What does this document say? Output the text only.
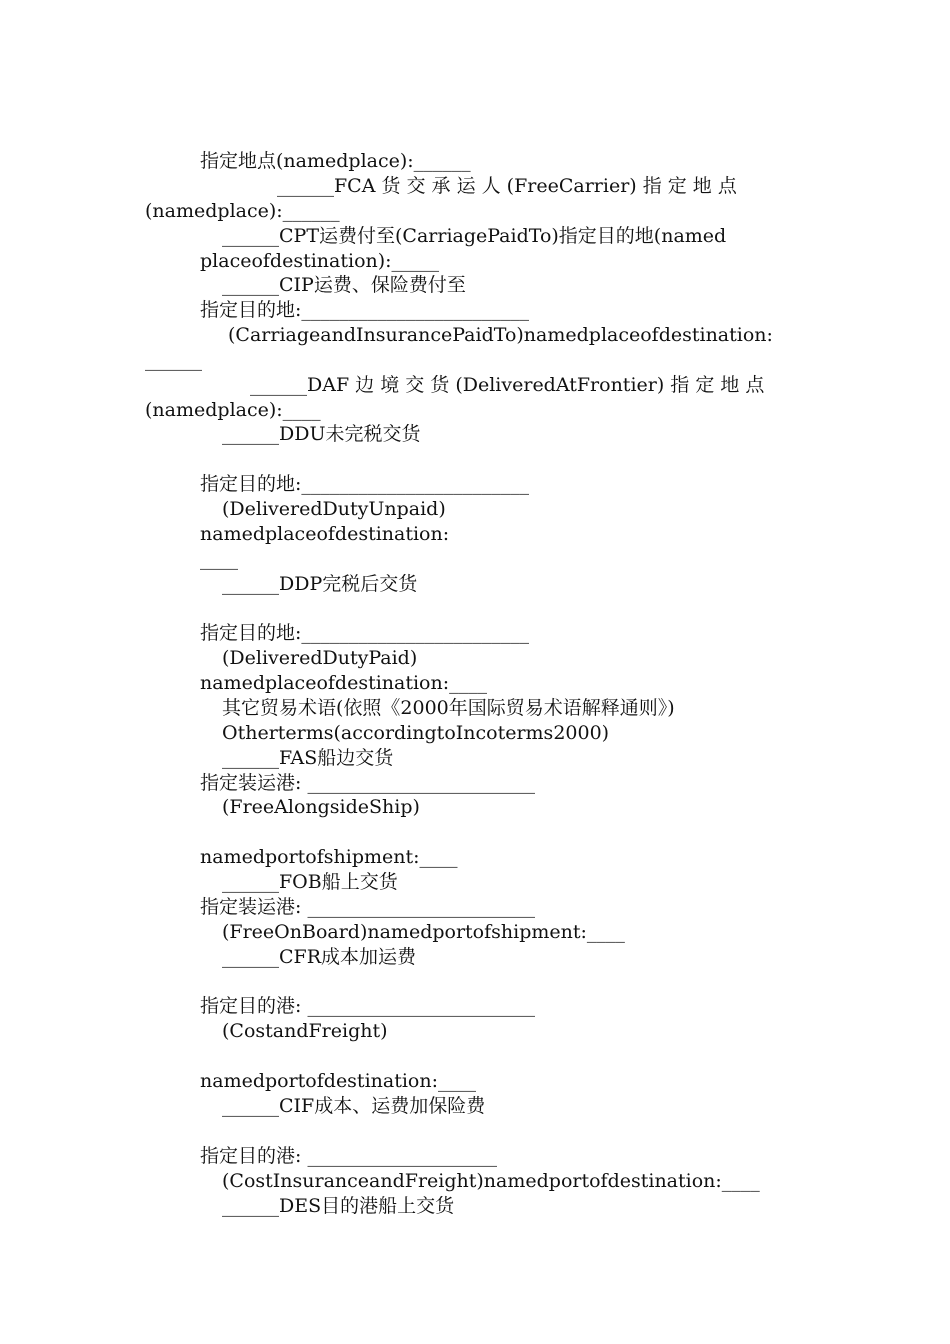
指定地点(namedplace):______
______FCA 货 交 承 运 人 (FreeCarrier) 指 定 地 点
(namedplace):______
______CPT运费付至(CarriagePaidTo)指定目的地(named
placeofdestination):_____
______CIP运费、保险费付至
指定目的地:________________________
(CarriageandInsurancePaidTo)namedplaceofdestination:
______
______DAF 边 境 交 货 (DeliveredAtFrontier) 指 定 地 点
(namedplace):____
______DDU未完税交货
指定目的地:________________________
(DeliveredDutyUnpaid)
namedplaceofdestination:
____
______DDP完税后交货
指定目的地:________________________
(DeliveredDutyPaid)
namedplaceofdestination:____
其它贸易术语(依照《2000年国际贸易术语解释通则》)
Otherterms(accordingtoIncoterms2000)
______FAS船边交货
指定装运港: ________________________
(FreeAlongsideShip)
namedportofshipment:____
______FOB船上交货
指定装运港: ________________________
(FreeOnBoard)namedportofshipment:____
______CFR成本加运费
指定目的港: ________________________
(CostandFreight)
namedportofdestination:____
______CIF成本、运费加保险费
指定目的港: ____________________
(CostInsuranceandFreight)namedportofdestination:____
______DES目的港船上交货
